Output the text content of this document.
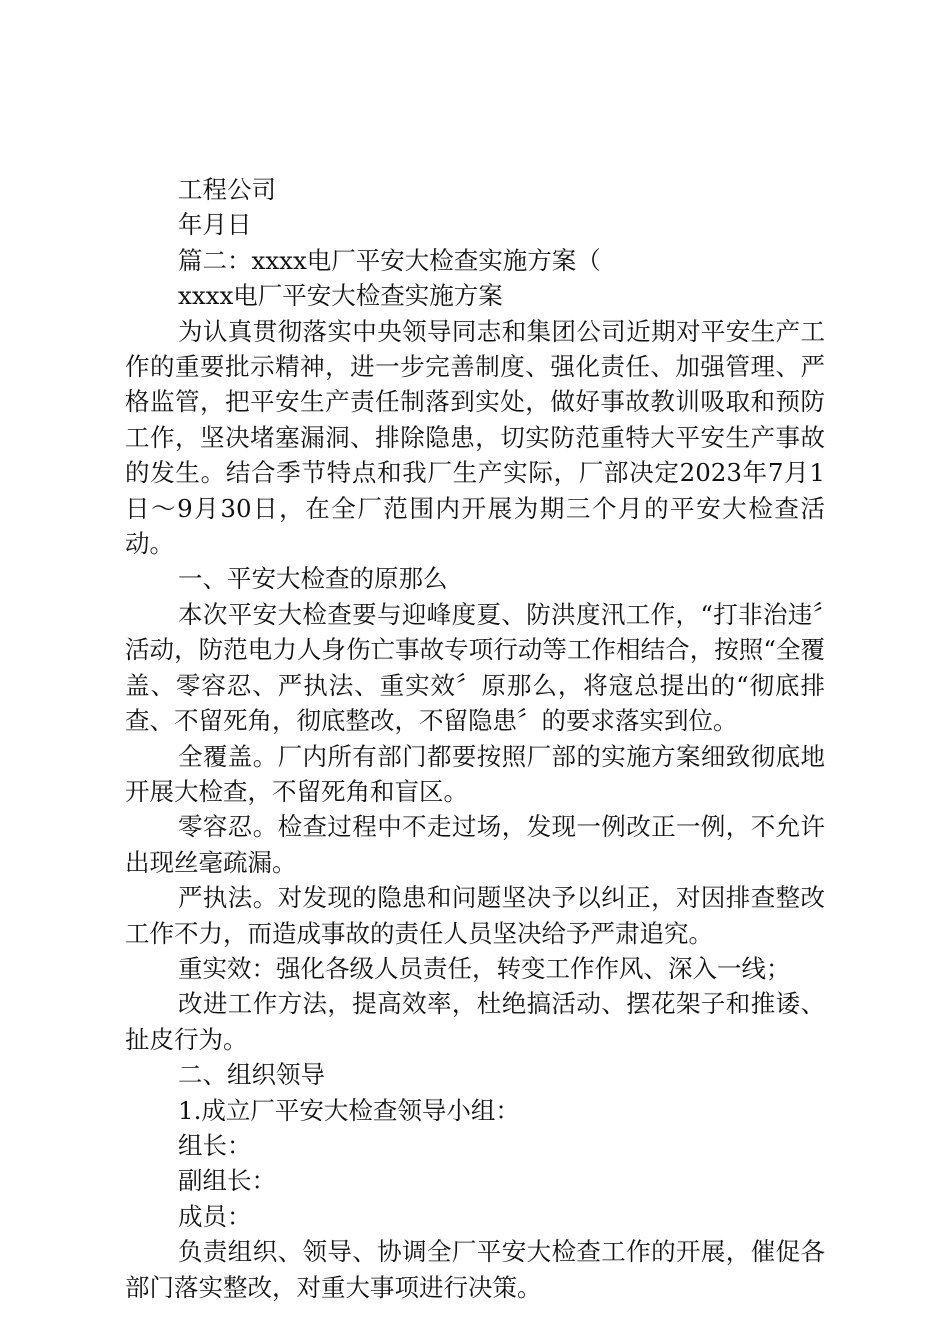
工程公司

年月日

篇二：xxxx电厂平安大检查实施方案（

xxxx电厂平安大检查实施方案

为认真贯彻落实中央领导同志和集团公司近期对平安生产工作的重要批示精神，进一步完善制度、强化责任、加强管理、严格监管，把平安生产责任制落到实处，做好事故教训吸取和预防工作，坚决堵塞漏洞、排除隐患，切实防范重特大平安生产事故的发生。结合季节特点和我厂生产实际，厂部决定2023年7月1日～9月30日，在全厂范围内开展为期三个月的平安大检查活动。

一、平安大检查的原那么

本次平安大检查要与迎峰度夏、防洪度汛工作，“打非治违〞活动，防范电力人身伤亡事故专项行动等工作相结合，按照“全覆盖、零容忍、严执法、重实效〞原那么，将寇总提出的“彻底排查、不留死角，彻底整改，不留隐患〞的要求落实到位。

全覆盖。厂内所有部门都要按照厂部的实施方案细致彻底地开展大检查，不留死角和盲区。

零容忍。检查过程中不走过场，发现一例改正一例，不允许出现丝毫疏漏。

严执法。对发现的隐患和问题坚决予以纠正，对因排查整改工作不力，而造成事故的责任人员坚决给予严肃追究。

重实效：强化各级人员责任，转变工作作风、深入一线；

改进工作方法，提高效率，杜绝搞活动、摆花架子和推诿、扯皮行为。

二、组织领导

1.成立厂平安大检查领导小组：

组长：

副组长：

成员：

负责组织、领导、协调全厂平安大检查工作的开展，催促各部门落实整改，对重大事项进行决策。
